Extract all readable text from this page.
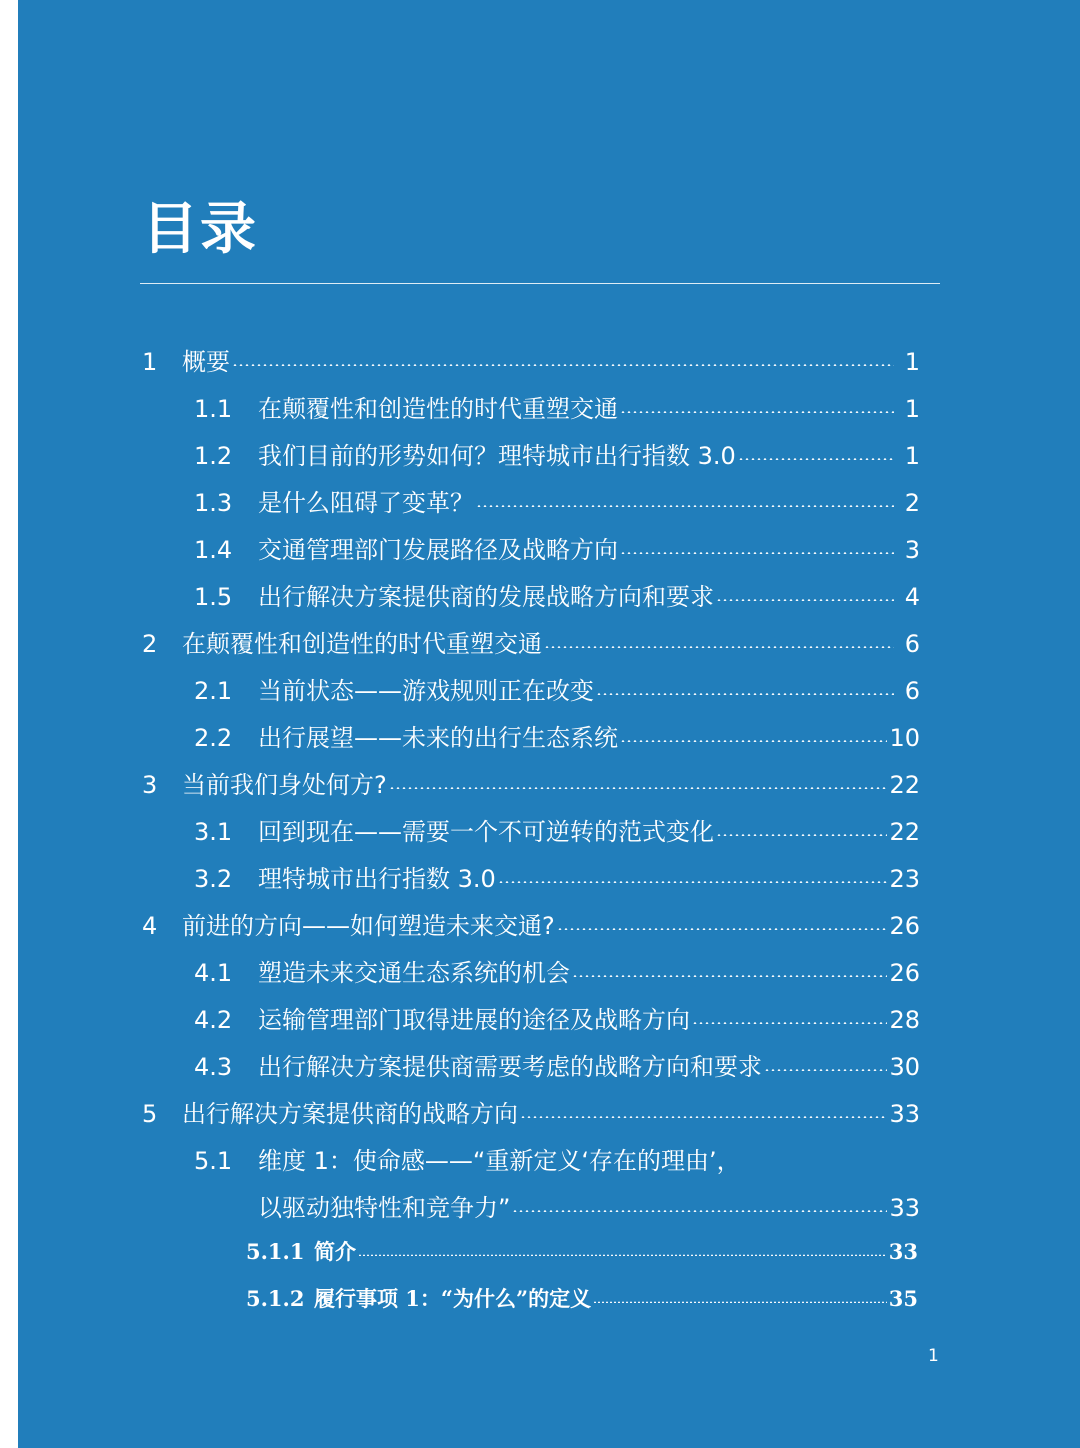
目录
1 概要	1
1.1 在颠覆性和创造性的时代重塑交通	1
1.2 我们目前的形势如何？理特城市出行指数 3.0	1
1.3 是什么阻碍了变革？	2
1.4 交通管理部门发展路径及战略方向	3
1.5 出行解决方案提供商的发展战略方向和要求	4
2 在颠覆性和创造性的时代重塑交通	6
2.1 当前状态——游戏规则正在改变	6
2.2 出行展望——未来的出行生态系统	10
3 当前我们身处何方?	22
3.1 回到现在——需要一个不可逆转的范式变化	22
3.2 理特城市出行指数 3.0	23
4 前进的方向——如何塑造未来交通?	26
4.1 塑造未来交通生态系统的机会	26
4.2 运输管理部门取得进展的途径及战略方向	28
4.3 出行解决方案提供商需要考虑的战略方向和要求	30
5 出行解决方案提供商的战略方向	33
5.1 维度 1：使命感——“重新定义‘存在的理由’，
以驱动独特性和竞争力”	33
5.1.1 简介	33
5.1.2 履行事项 1：“为什么”的定义	35
1
